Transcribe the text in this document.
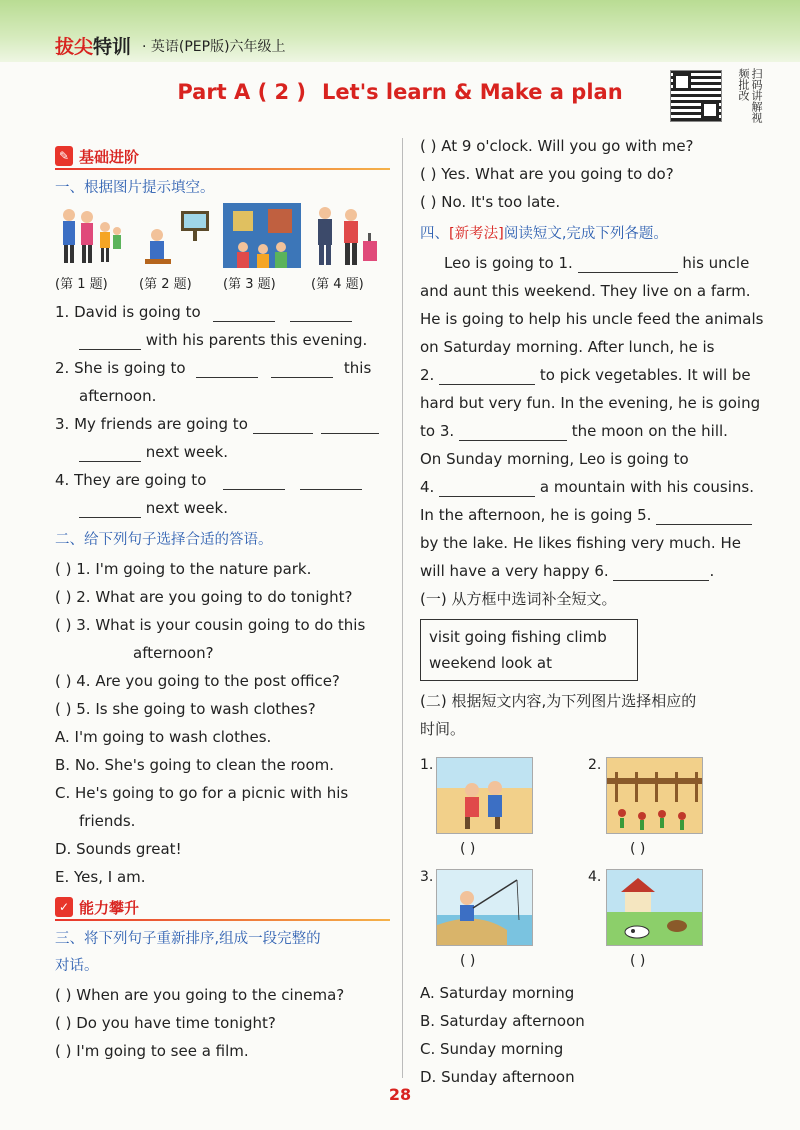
拔尖特训 · 英语(PEP版)六年级上
Part A ( 2 ) Let's learn & Make a plan	扫码讲解视频批改
✎ 基础进阶
一、根据图片提示填空。
(第 1 题) (第 2 题) (第 3 题)	(第 4 题)
1. David is going to
with his parents this evening.
2. She is going to	this
afternoon.
3. My friends are going to
next week.
4. They are going to
next week.
二、给下列句子选择合适的答语。
( ) 1. I'm going to the nature park.
( ) 2. What are you going to do tonight?
( ) 3. What is your cousin going to do this
afternoon?
( ) 4. Are you going to the post office?
( ) 5. Is she going to wash clothes?
A. I'm going to wash clothes.
B. No. She's going to clean the room.
C. He's going to go for a picnic with his
friends.
D. Sounds great!
E. Yes, I am.
✓ 能力攀升
三、将下列句子重新排序,组成一段完整的
对话。
( ) When are you going to the cinema?
( ) Do you have time tonight?
( ) I'm going to see a film.
( ) At 9 o'clock. Will you go with me?
( ) Yes. What are you going to do?
( ) No. It's too late.
四、[新考法]阅读短文,完成下列各题。
Leo is going to 1.	his uncle
and aunt this weekend. They live on a farm.
He is going to help his uncle feed the animals
on Saturday morning. After lunch, he is
2.	to pick vegetables. It will be
hard but very fun. In the evening, he is going
to 3.	the moon on the hill.
On Sunday morning, Leo is going to
4.	a mountain with his cousins.
In the afternoon, he is going 5.
by the lake. He likes fishing very much. He
will have a very happy 6.	.
(一) 从方框中选词补全短文。
visit going fishing climb
weekend look at
(二) 根据短文内容,为下列图片选择相应的
时间。
1.
( )
2.
( )
3.
( )
4.
( )
A. Saturday morning
B. Saturday afternoon
C. Sunday morning
D. Sunday afternoon
28
